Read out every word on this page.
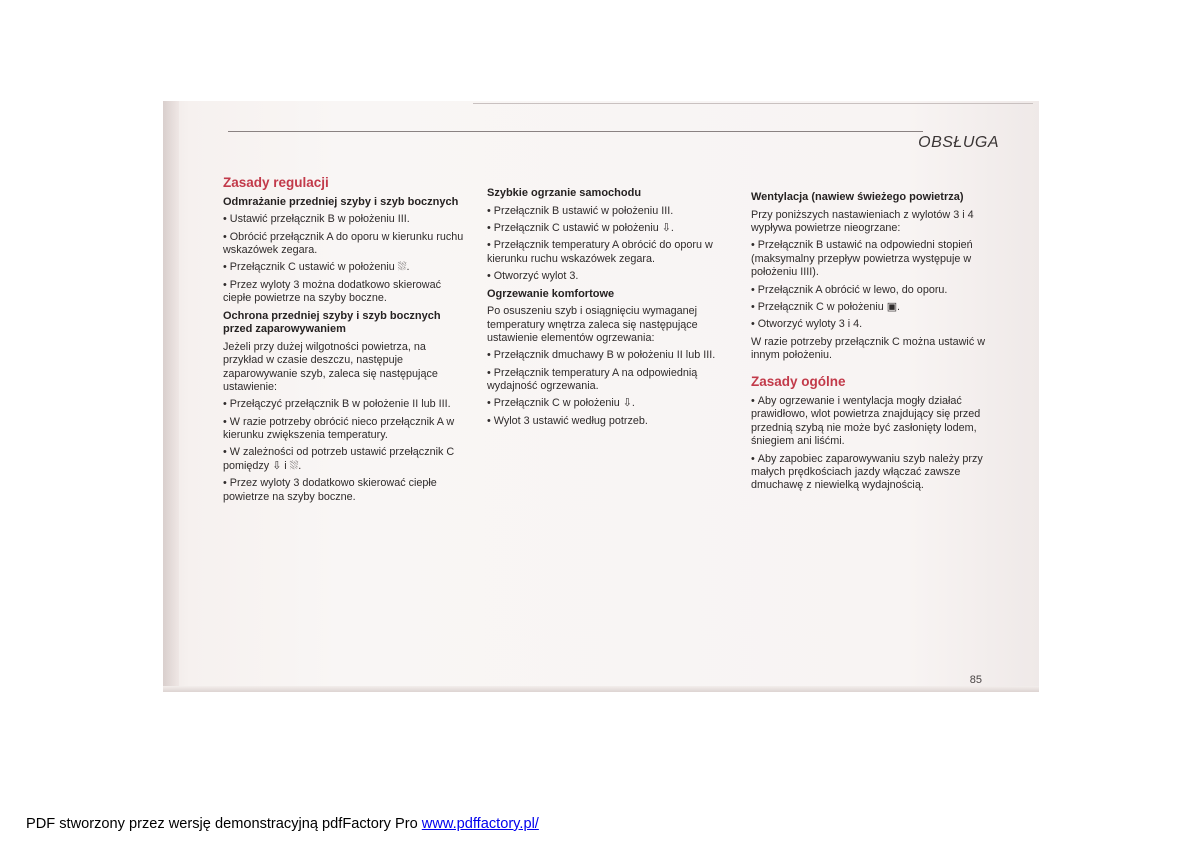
OBSŁUGA
Zasady regulacji
Odmrażanie przedniej szyby i szyb bocznych
• Ustawić przełącznik B w położeniu III.
• Obrócić przełącznik A do oporu w kierunku ruchu wskazówek zegara.
• Przełącznik C ustawić w położeniu ⛆.
• Przez wyloty 3 można dodatkowo skierować ciepłe powietrze na szyby boczne.
Ochrona przedniej szyby i szyb bocznych przed zaparowywaniem
Jeżeli przy dużej wilgotności powietrza, na przykład w czasie deszczu, następuje zaparowywanie szyb, zaleca się następujące ustawienie:
• Przełączyć przełącznik B w położenie II lub III.
• W razie potrzeby obrócić nieco przełącznik A w kierunku zwiększenia temperatury.
• W zależności od potrzeb ustawić przełącznik C pomiędzy ⇩ i ⛆.
• Przez wyloty 3 dodatkowo skierować ciepłe powietrze na szyby boczne.
Szybkie ogrzanie samochodu
• Przełącznik B ustawić w położeniu III.
• Przełącznik C ustawić w położeniu ⇩.
• Przełącznik temperatury A obrócić do oporu w kierunku ruchu wskazówek zegara.
• Otworzyć wylot 3.
Ogrzewanie komfortowe
Po osuszeniu szyb i osiągnięciu wymaganej temperatury wnętrza zaleca się następujące ustawienie elementów ogrzewania:
• Przełącznik dmuchawy B w położeniu II lub III.
• Przełącznik temperatury A na odpowiednią wydajność ogrzewania.
• Przełącznik C w położeniu ⇩.
• Wylot 3 ustawić według potrzeb.
Wentylacja (nawiew świeżego powietrza)
Przy poniższych nastawieniach z wylotów 3 i 4 wypływa powietrze nieogrzane:
• Przełącznik B ustawić na odpowiedni stopień (maksymalny przepływ powietrza występuje w położeniu IIII).
• Przełącznik A obrócić w lewo, do oporu.
• Przełącznik C w położeniu ▣.
• Otworzyć wyloty 3 i 4.
W razie potrzeby przełącznik C można ustawić w innym położeniu.
Zasady ogólne
• Aby ogrzewanie i wentylacja mogły działać prawidłowo, wlot powietrza znajdujący się przed przednią szybą nie może być zasłonięty lodem, śniegiem ani liśćmi.
• Aby zapobiec zaparowywaniu szyb należy przy małych prędkościach jazdy włączać zawsze dmuchawę z niewielką wydajnością.
85
PDF stworzony przez wersję demonstracyjną pdfFactory Pro www.pdffactory.pl/
